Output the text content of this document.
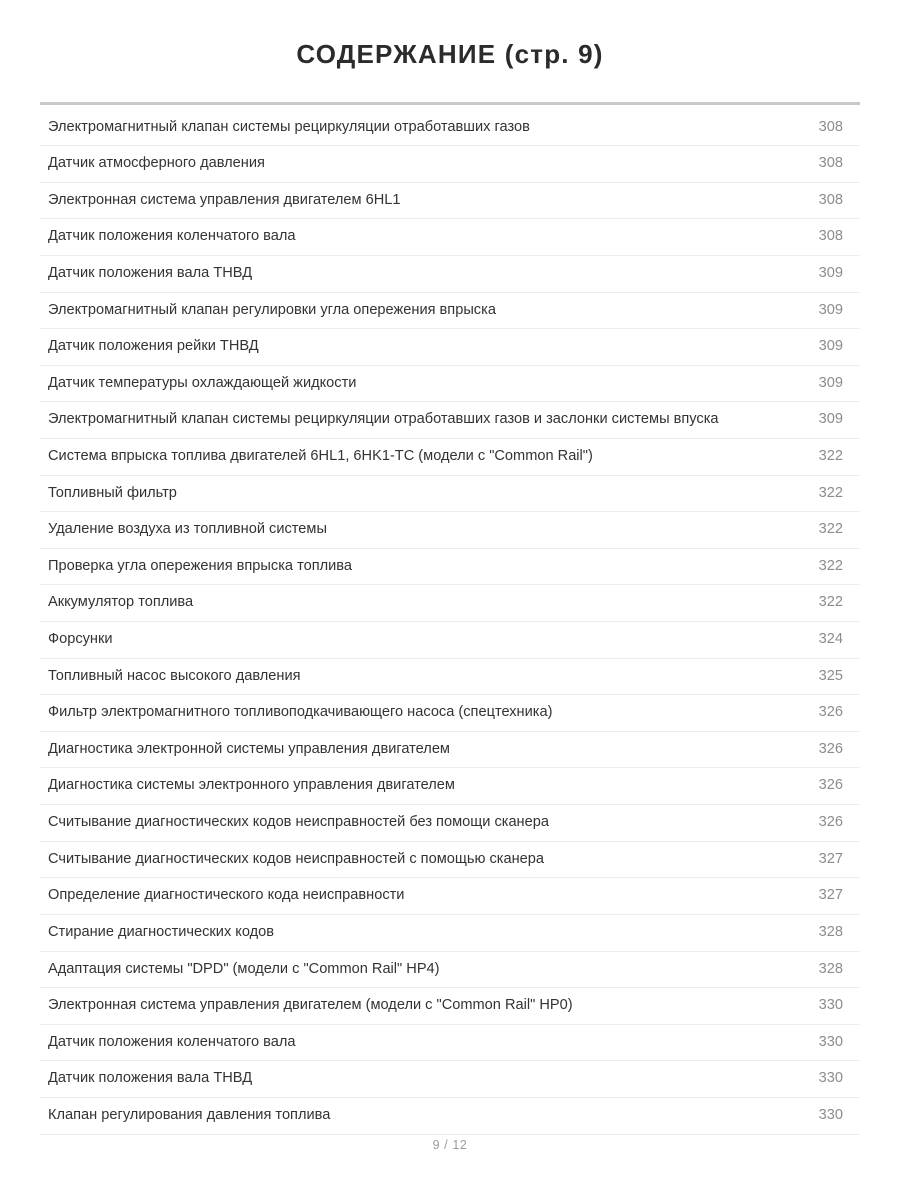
СОДЕРЖАНИЕ (стр. 9)
Электромагнитный клапан системы рециркуляции отработавших газов	308
Датчик атмосферного давления	308
Электронная система управления двигателем 6HL1	308
Датчик положения коленчатого вала	308
Датчик положения вала ТНВД	309
Электромагнитный клапан регулировки угла опережения впрыска	309
Датчик положения рейки ТНВД	309
Датчик температуры охлаждающей жидкости	309
Электромагнитный клапан системы рециркуляции отработавших газов и заслонки системы впуска	309
Система впрыска топлива двигателей 6HL1, 6HK1-TC (модели с "Common Rail")	322
Топливный фильтр	322
Удаление воздуха из топливной системы	322
Проверка угла опережения впрыска топлива	322
Аккумулятор топлива	322
Форсунки	324
Топливный насос высокого давления	325
Фильтр электромагнитного топливоподкачивающего насоса (спецтехника)	326
Диагностика электронной системы управления двигателем	326
Диагностика системы электронного управления двигателем	326
Считывание диагностических кодов неисправностей без помощи сканера	326
Считывание диагностических кодов неисправностей с помощью сканера	327
Определение диагностического кода неисправности	327
Стирание диагностических кодов	328
Адаптация системы "DPD" (модели с "Common Rail" HP4)	328
Электронная система управления двигателем (модели с "Common Rail" HP0)	330
Датчик положения коленчатого вала	330
Датчик положения вала ТНВД	330
Клапан регулирования давления топлива	330
9 / 12
